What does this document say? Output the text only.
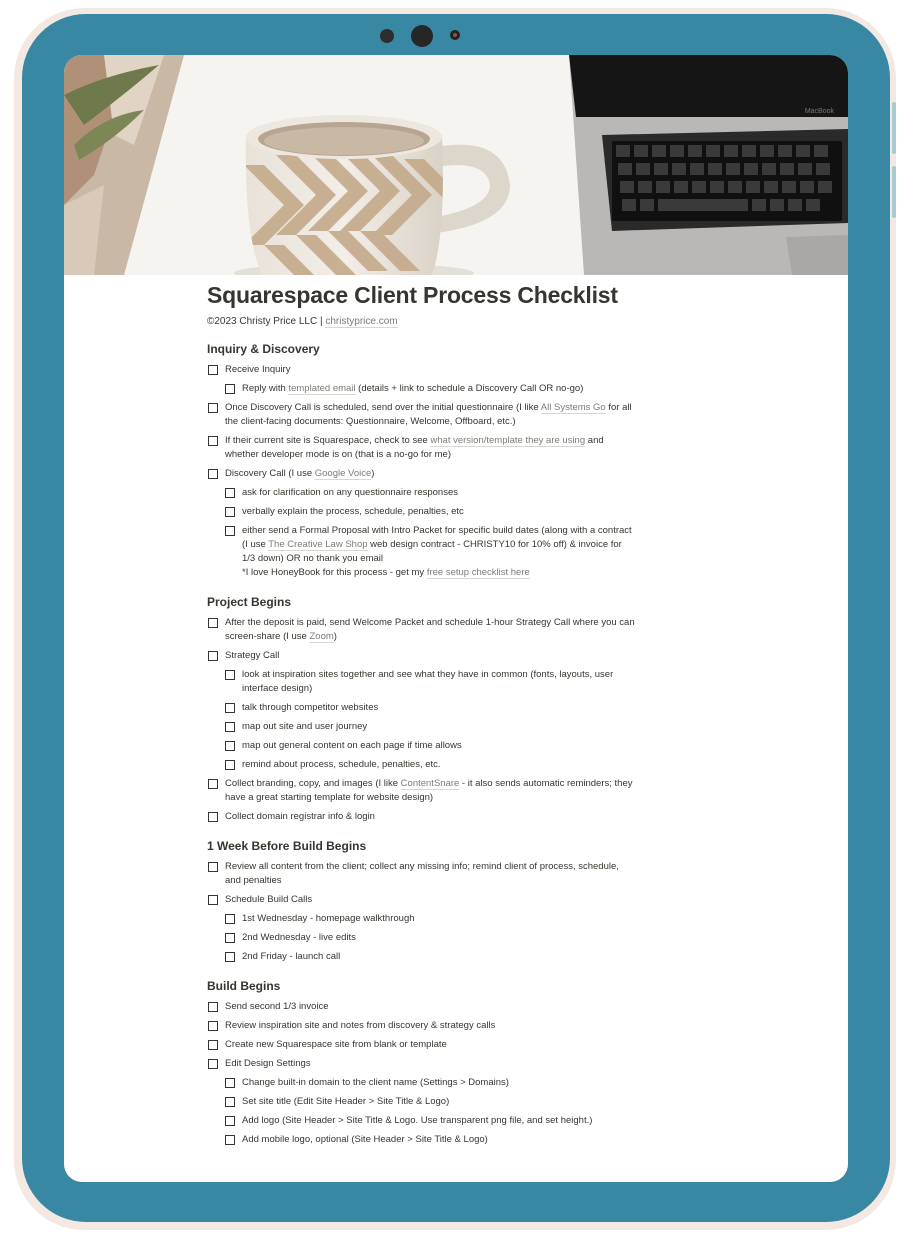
MacBook
Squarespace Client Process Checklist
©2023 Christy Price LLC | christyprice.com
Inquiry & Discovery
Receive Inquiry
Reply with templated email (details + link to schedule a Discovery Call OR no-go)
Once Discovery Call is scheduled, send over the initial questionnaire (I like All Systems Go for all the client-facing documents: Questionnaire, Welcome, Offboard, etc.)
If their current site is Squarespace, check to see what version/template they are using and whether developer mode is on (that is a no-go for me)
Discovery Call (I use Google Voice)
ask for clarification on any questionnaire responses
verbally explain the process, schedule, penalties, etc
either send a Formal Proposal with Intro Packet for specific build dates (along with a contract (I use The Creative Law Shop web design contract - CHRISTY10 for 10% off) & invoice for 1/3 down) OR no thank you email
*I love HoneyBook for this process - get my free setup checklist here
Project Begins
After the deposit is paid, send Welcome Packet and schedule 1-hour Strategy Call where you can screen-share (I use Zoom)
Strategy Call
look at inspiration sites together and see what they have in common (fonts, layouts, user interface design)
talk through competitor websites
map out site and user journey
map out general content on each page if time allows
remind about process, schedule, penalties, etc.
Collect branding, copy, and images (I like ContentSnare - it also sends automatic reminders; they have a great starting template for website design)
Collect domain registrar info & login
1 Week Before Build Begins
Review all content from the client; collect any missing info; remind client of process, schedule, and penalties
Schedule Build Calls
1st Wednesday - homepage walkthrough
2nd Wednesday - live edits
2nd Friday - launch call
Build Begins
Send second 1/3 invoice
Review inspiration site and notes from discovery & strategy calls
Create new Squarespace site from blank or template
Edit Design Settings
Change built-in domain to the client name (Settings > Domains)
Set site title (Edit Site Header > Site Title & Logo)
Add logo (Site Header > Site Title & Logo. Use transparent png file, and set height.)
Add mobile logo, optional (Site Header > Site Title & Logo)
